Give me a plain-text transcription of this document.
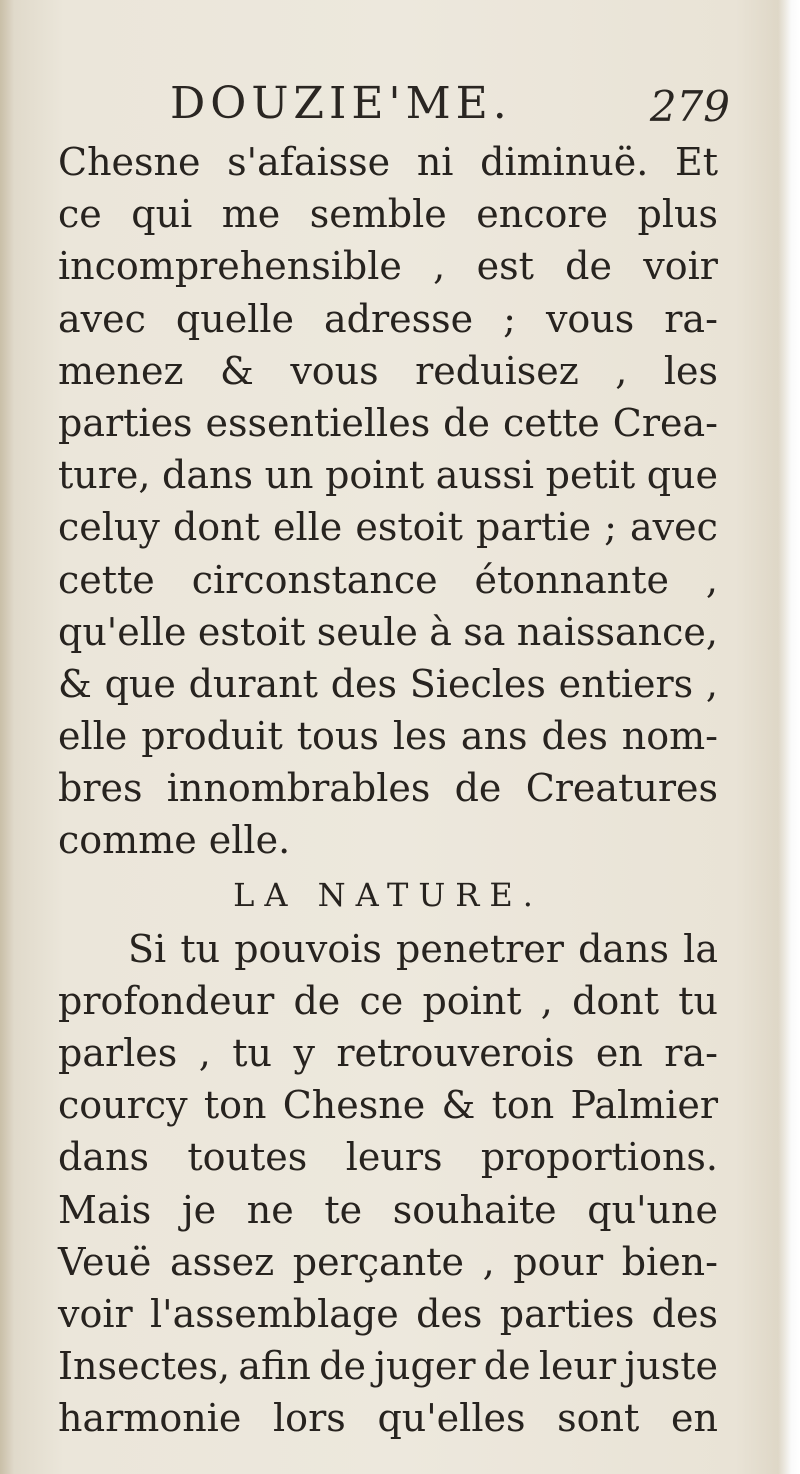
DOUZIE'ME.	279
Chesne s'afaisse ni diminuë. Et
ce qui me semble encore plus
incomprehensible , est de voir
avec quelle adresse ; vous ra-
menez & vous reduisez , les
parties essentielles de cette Crea-
ture, dans un point aussi petit que
celuy dont elle estoit partie ; avec
cette circonstance étonnante ,
qu'elle estoit seule à sa naissance,
& que durant des Siecles entiers ,
elle produit tous les ans des nom-
bres innombrables de Creatures
comme elle.
LA NATURE.
Si tu pouvois penetrer dans la
profondeur de ce point , dont tu
parles , tu y retrouverois en ra-
courcy ton Chesne & ton Palmier
dans toutes leurs proportions.
Mais je ne te souhaite qu'une
Veuë assez perçante , pour bien-
voir l'assemblage des parties des
Insectes, afin de juger de leur juste
harmonie lors qu'elles sont en
